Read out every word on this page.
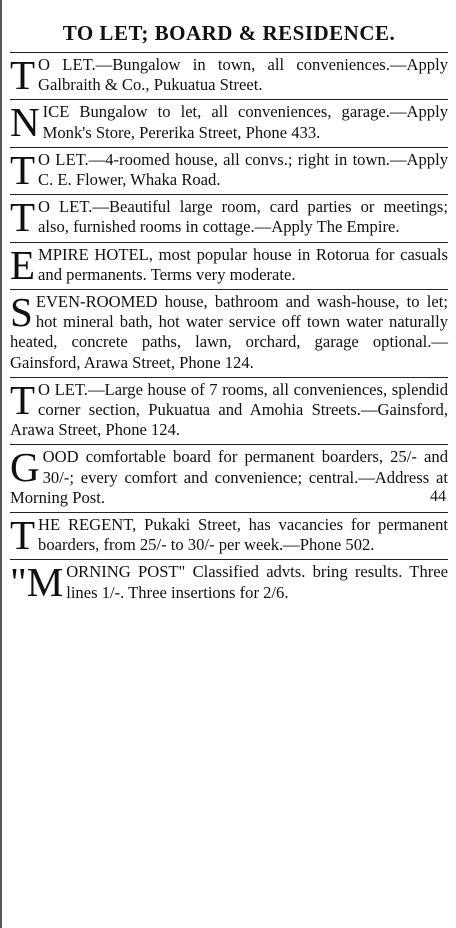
TO LET; BOARD & RESIDENCE.
T O LET.—Bungalow in town, all conveniences.—Apply Galbraith & Co., Pukuatua Street.
N ICE Bungalow to let, all conveniences, garage.—Apply Monk's Store, Pererika Street, Phone 433.
T O LET.—4-roomed house, all convs.; right in town.—Apply C. E. Flower, Whaka Road.
T O LET.—Beautiful large room, card parties or meetings; also, furnished rooms in cottage.—Apply The Empire.
E MPIRE HOTEL, most popular house in Rotorua for casuals and permanents. Terms very moderate.
S EVEN-ROOMED house, bathroom and wash-house, to let; hot mineral bath, hot water service off town water naturally heated, concrete paths, lawn, orchard, garage optional.—Gainsford, Arawa Street, Phone 124.
T O LET.—Large house of 7 rooms, all conveniences, splendid corner section, Pukuatua and Amohia Streets.—Gainsford, Arawa Street, Phone 124.
G OOD comfortable board for permanent boarders, 25/- and 30/-; every comfort and convenience; central.—Address at Morning Post.	44
T HE REGENT, Pukaki Street, has vacancies for permanent boarders, from 25/- to 30/- per week.—Phone 502.
"M ORNING POST" Classified advts. bring results. Three lines 1/-. Three insertions for 2/6.
